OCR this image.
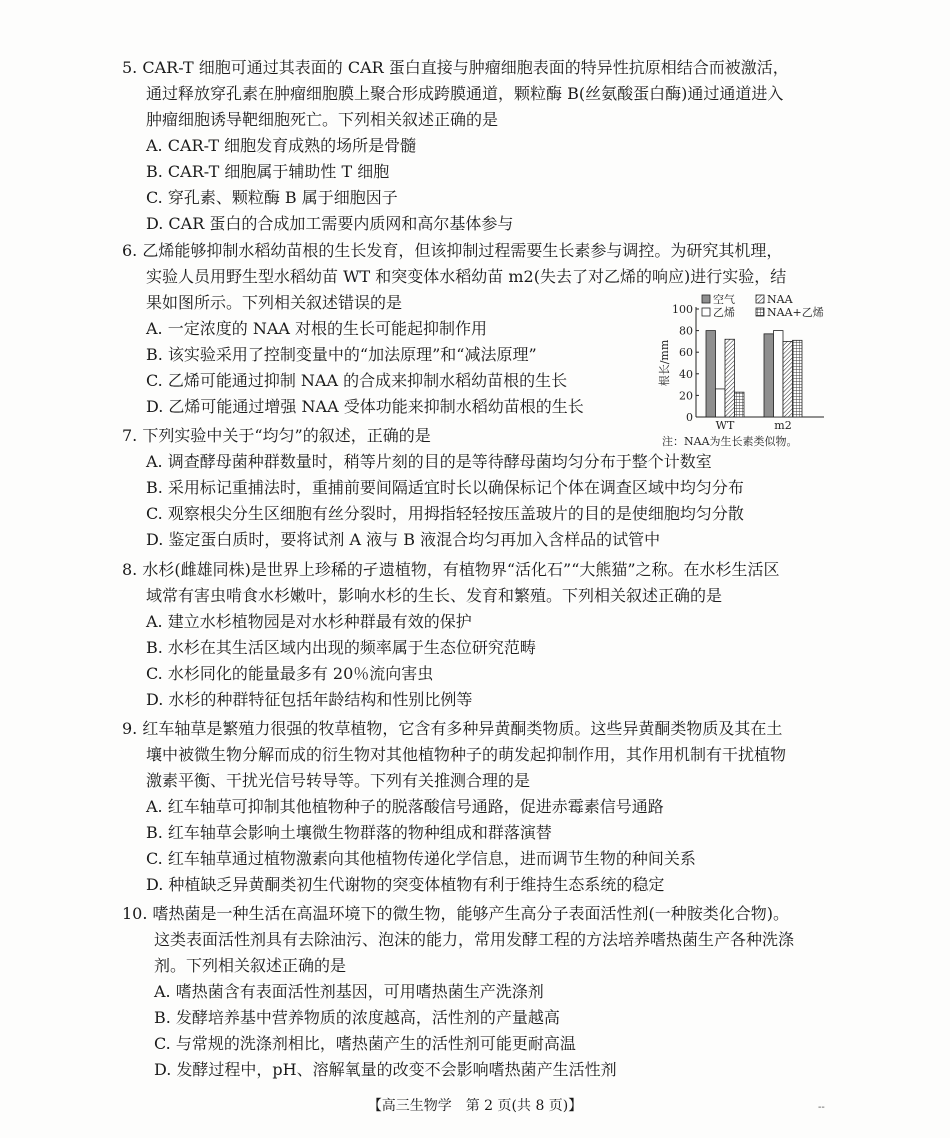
5. CAR-T 细胞可通过其表面的 CAR 蛋白直接与肿瘤细胞表面的特异性抗原相结合而被激活，
通过释放穿孔素在肿瘤细胞膜上聚合形成跨膜通道，颗粒酶 B(丝氨酸蛋白酶)通过通道进入
肿瘤细胞诱导靶细胞死亡。下列相关叙述正确的是
A. CAR-T 细胞发育成熟的场所是骨髓
B. CAR-T 细胞属于辅助性 T 细胞
C. 穿孔素、颗粒酶 B 属于细胞因子
D. CAR 蛋白的合成加工需要内质网和高尔基体参与
6. 乙烯能够抑制水稻幼苗根的生长发育，但该抑制过程需要生长素参与调控。为研究其机理，
实验人员用野生型水稻幼苗 WT 和突变体水稻幼苗 m2(失去了对乙烯的响应)进行实验，结
果如图所示。下列相关叙述错误的是
A. 一定浓度的 NAA 对根的生长可能起抑制作用
B. 该实验采用了控制变量中的“加法原理”和“减法原理”
C. 乙烯可能通过抑制 NAA 的合成来抑制水稻幼苗根的生长
D. 乙烯可能通过增强 NAA 受体功能来抑制水稻幼苗根的生长
0
20
40
60
80
100
根长/mm
WT	m2
注：NAA为生长素类似物。
空气	NAA
乙烯	NAA+乙烯
7. 下列实验中关于“均匀”的叙述，正确的是
A. 调查酵母菌种群数量时，稍等片刻的目的是等待酵母菌均匀分布于整个计数室
B. 采用标记重捕法时，重捕前要间隔适宜时长以确保标记个体在调查区域中均匀分布
C. 观察根尖分生区细胞有丝分裂时，用拇指轻轻按压盖玻片的目的是使细胞均匀分散
D. 鉴定蛋白质时，要将试剂 A 液与 B 液混合均匀再加入含样品的试管中
8. 水杉(雌雄同株)是世界上珍稀的孑遗植物，有植物界“活化石”“大熊猫”之称。在水杉生活区
域常有害虫啃食水杉嫩叶，影响水杉的生长、发育和繁殖。下列相关叙述正确的是
A. 建立水杉植物园是对水杉种群最有效的保护
B. 水杉在其生活区域内出现的频率属于生态位研究范畴
C. 水杉同化的能量最多有 20％流向害虫
D. 水杉的种群特征包括年龄结构和性别比例等
9. 红车轴草是繁殖力很强的牧草植物，它含有多种异黄酮类物质。这些异黄酮类物质及其在土
壤中被微生物分解而成的衍生物对其他植物种子的萌发起抑制作用，其作用机制有干扰植物
激素平衡、干扰光信号转导等。下列有关推测合理的是
A. 红车轴草可抑制其他植物种子的脱落酸信号通路，促进赤霉素信号通路
B. 红车轴草会影响土壤微生物群落的物种组成和群落演替
C. 红车轴草通过植物激素向其他植物传递化学信息，进而调节生物的种间关系
D. 种植缺乏异黄酮类初生代谢物的突变体植物有利于维持生态系统的稳定
10. 嗜热菌是一种生活在高温环境下的微生物，能够产生高分子表面活性剂(一种胺类化合物)。
这类表面活性剂具有去除油污、泡沫的能力，常用发酵工程的方法培养嗜热菌生产各种洗涤
剂。下列相关叙述正确的是
A. 嗜热菌含有表面活性剂基因，可用嗜热菌生产洗涤剂
B. 发酵培养基中营养物质的浓度越高，活性剂的产量越高
C. 与常规的洗涤剂相比，嗜热菌产生的活性剂可能更耐高温
D. 发酵过程中，pH、溶解氧量的改变不会影响嗜热菌产生活性剂
【高三生物学　第 2 页(共 8 页)】	--
